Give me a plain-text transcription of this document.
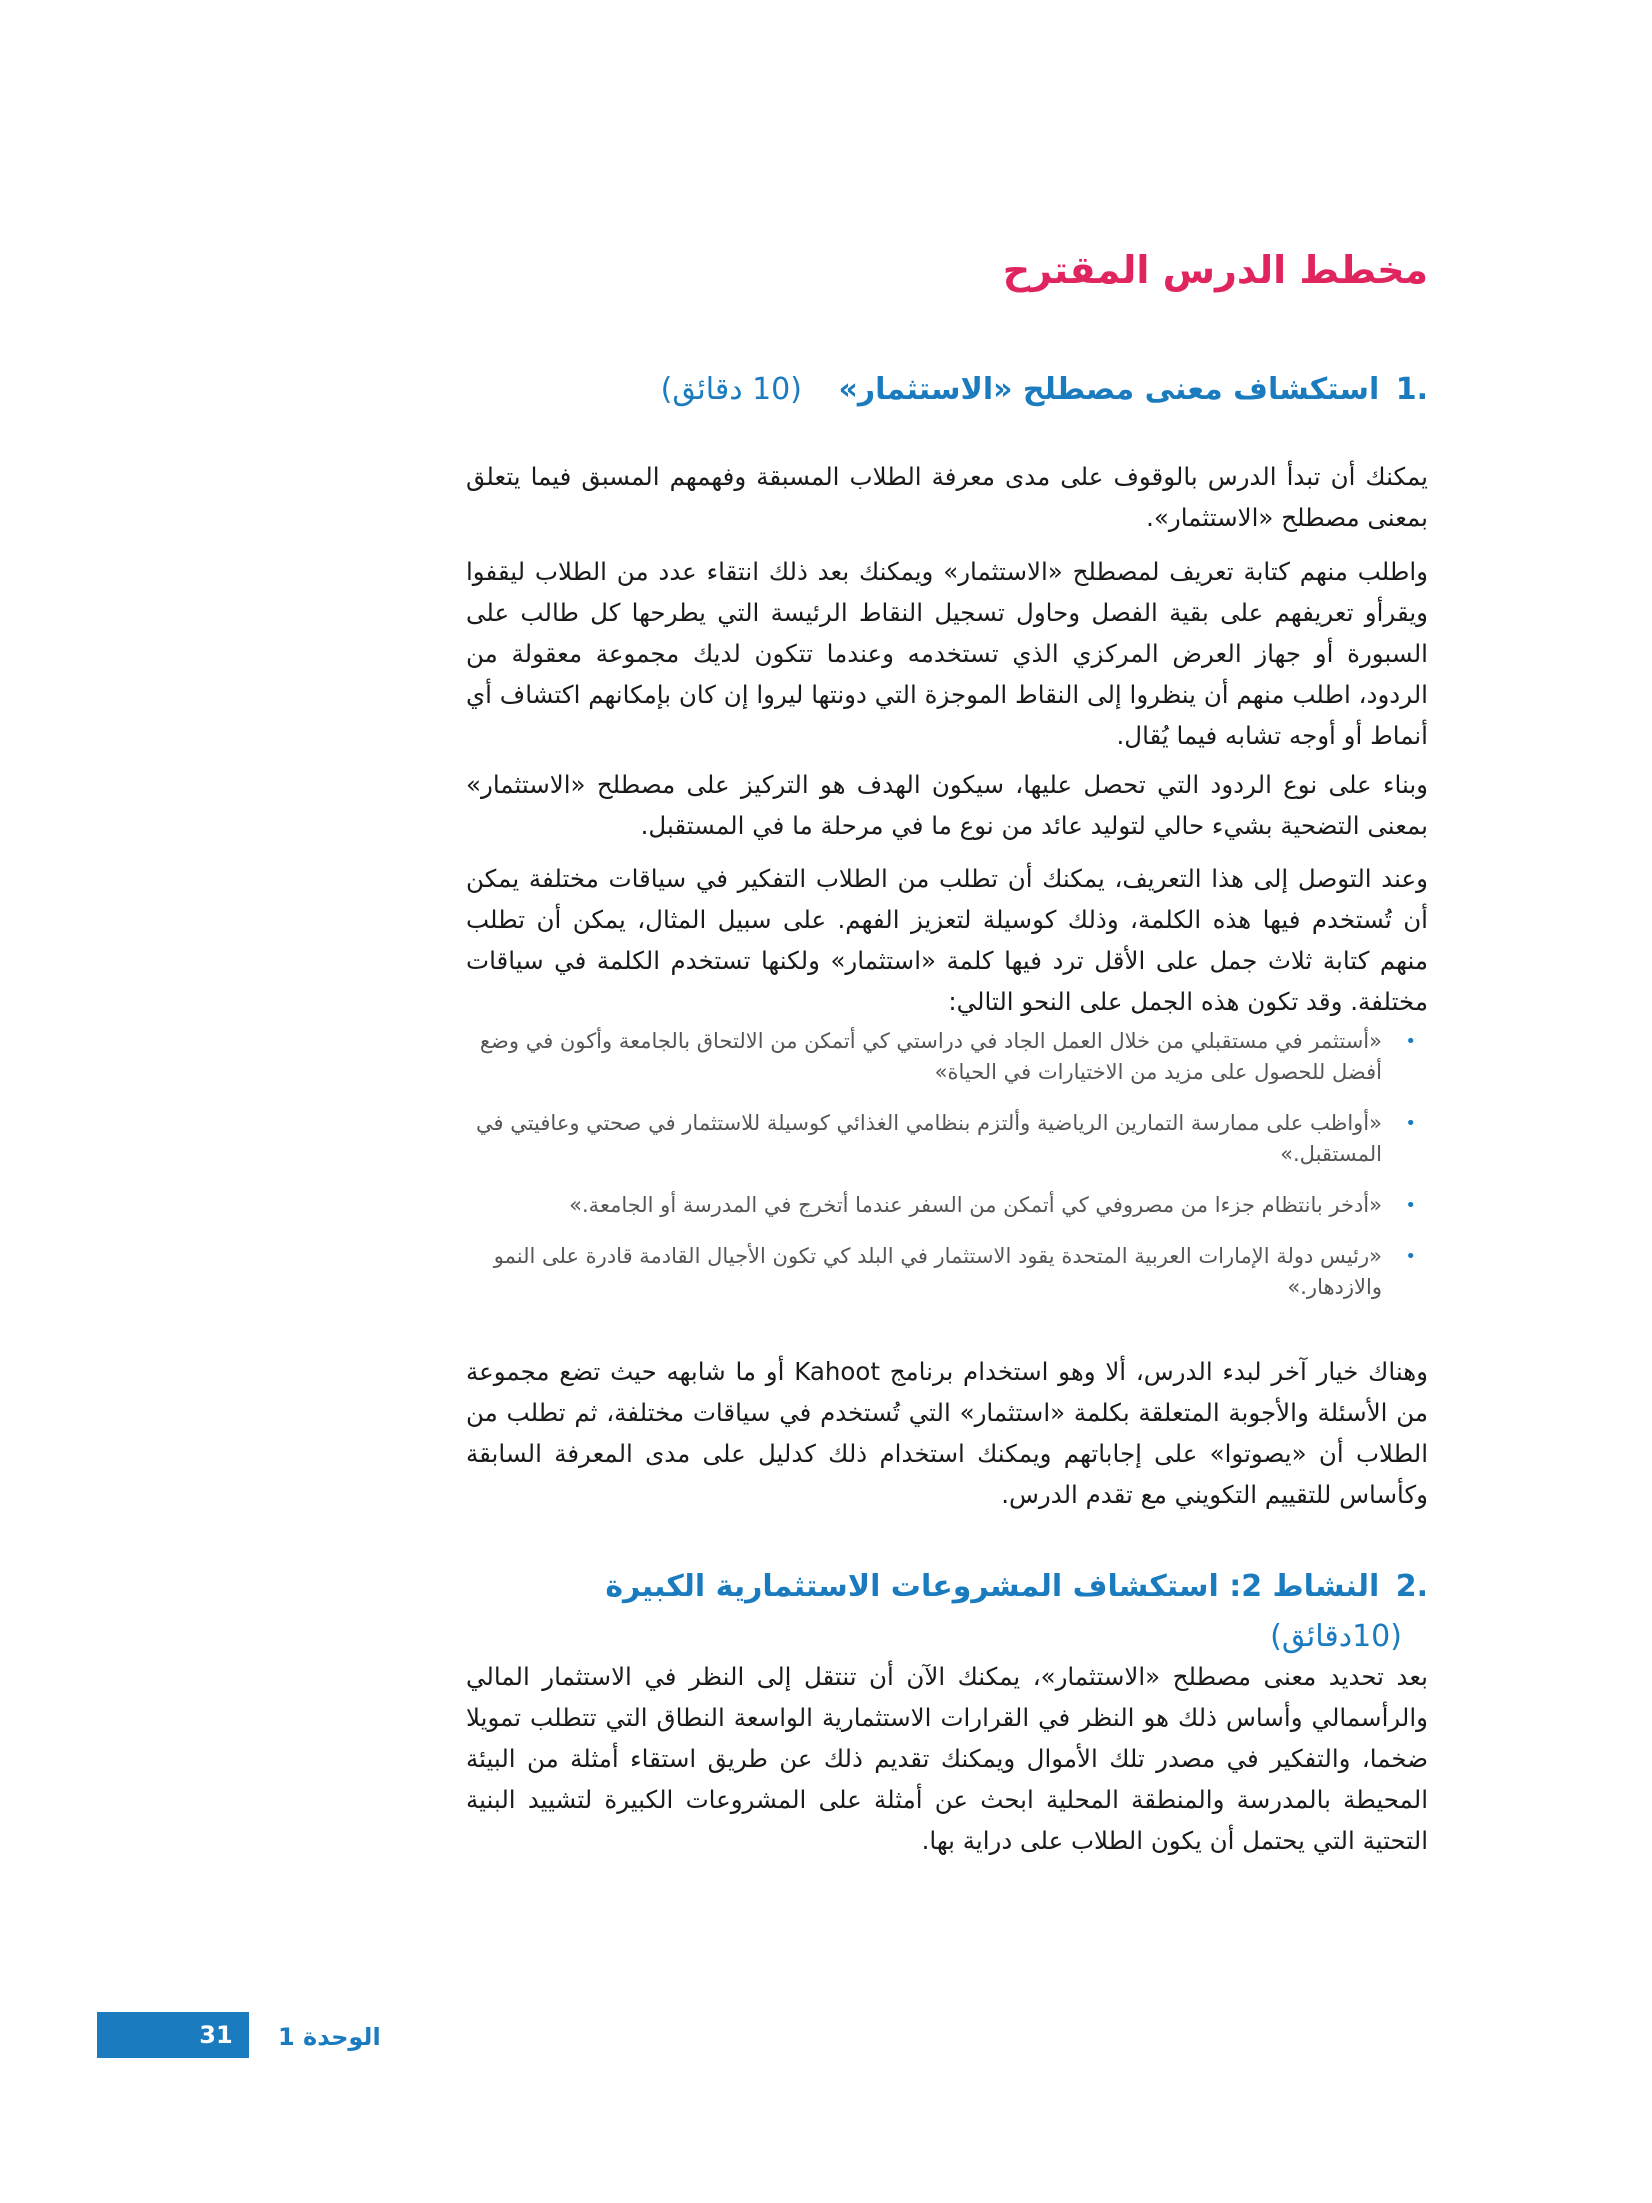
مخطط الدرس المقترح
.1 استكشاف معنى مصطلح «الاستثمار» (10 دقائق)

يمكنك أن تبدأ الدرس بالوقوف على مدى معرفة الطلاب المسبقة وفهمهم المسبق فيما يتعلق بمعنى مصطلح «الاستثمار».

واطلب منهم كتابة تعريف لمصطلح «الاستثمار» ويمكنك بعد ذلك انتقاء عدد من الطلاب ليقفوا ويقرأو تعريفهم على بقية الفصل وحاول تسجيل النقاط الرئيسة التي يطرحها كل طالب على السبورة أو جهاز العرض المركزي الذي تستخدمه وعندما تتكون لديك مجموعة معقولة من الردود، اطلب منهم أن ينظروا إلى النقاط الموجزة التي دونتها ليروا إن كان بإمكانهم اكتشاف أي أنماط أو أوجه تشابه فيما يُقال.

وبناء على نوع الردود التي تحصل عليها، سيكون الهدف هو التركيز على مصطلح «الاستثمار» بمعنى التضحية بشيء حالي لتوليد عائد من نوع ما في مرحلة ما في المستقبل.

وعند التوصل إلى هذا التعريف، يمكنك أن تطلب من الطلاب التفكير في سياقات مختلفة يمكن أن تُستخدم فيها هذه الكلمة، وذلك كوسيلة لتعزيز الفهم. على سبيل المثال، يمكن أن تطلب منهم كتابة ثلاث جمل على الأقل ترد فيها كلمة «استثمار» ولكنها تستخدم الكلمة في سياقات مختلفة. وقد تكون هذه الجمل على النحو التالي:

•
«أستثمر في مستقبلي من خلال العمل الجاد في دراستي كي أتمكن من الالتحاق بالجامعة وأكون في وضع أفضل للحصول على مزيد من الاختيارات في الحياة»
•
«أواظب على ممارسة التمارين الرياضية وألتزم بنظامي الغذائي كوسيلة للاستثمار في صحتي وعافيتي في المستقبل.»
•
«أدخر بانتظام جزءا من مصروفي كي أتمكن من السفر عندما أتخرج في المدرسة أو الجامعة.»
•
«رئيس دولة الإمارات العربية المتحدة يقود الاستثمار في البلد كي تكون الأجيال القادمة قادرة على النمو والازدهار.»

وهناك خيار آخر لبدء الدرس، ألا وهو استخدام برنامج Kahoot أو ما شابهه حيث تضع مجموعة من الأسئلة والأجوبة المتعلقة بكلمة «استثمار» التي تُستخدم في سياقات مختلفة، ثم تطلب من الطلاب أن «يصوتوا» على إجاباتهم ويمكنك استخدام ذلك كدليل على مدى المعرفة السابقة وكأساس للتقييم التكويني مع تقدم الدرس.

.2 النشاط 2: استكشاف المشروعات الاستثمارية الكبيرة (10دقائق)

بعد تحديد معنى مصطلح «الاستثمار»، يمكنك الآن أن تنتقل إلى النظر في الاستثمار المالي والرأسمالي وأساس ذلك هو النظر في القرارات الاستثمارية الواسعة النطاق التي تتطلب تمويلا ضخما، والتفكير في مصدر تلك الأموال ويمكنك تقديم ذلك عن طريق استقاء أمثلة من البيئة المحيطة بالمدرسة والمنطقة المحلية ابحث عن أمثلة على المشروعات الكبيرة لتشييد البنية التحتية التي يحتمل أن يكون الطلاب على دراية بها.

31	الوحدة 1
